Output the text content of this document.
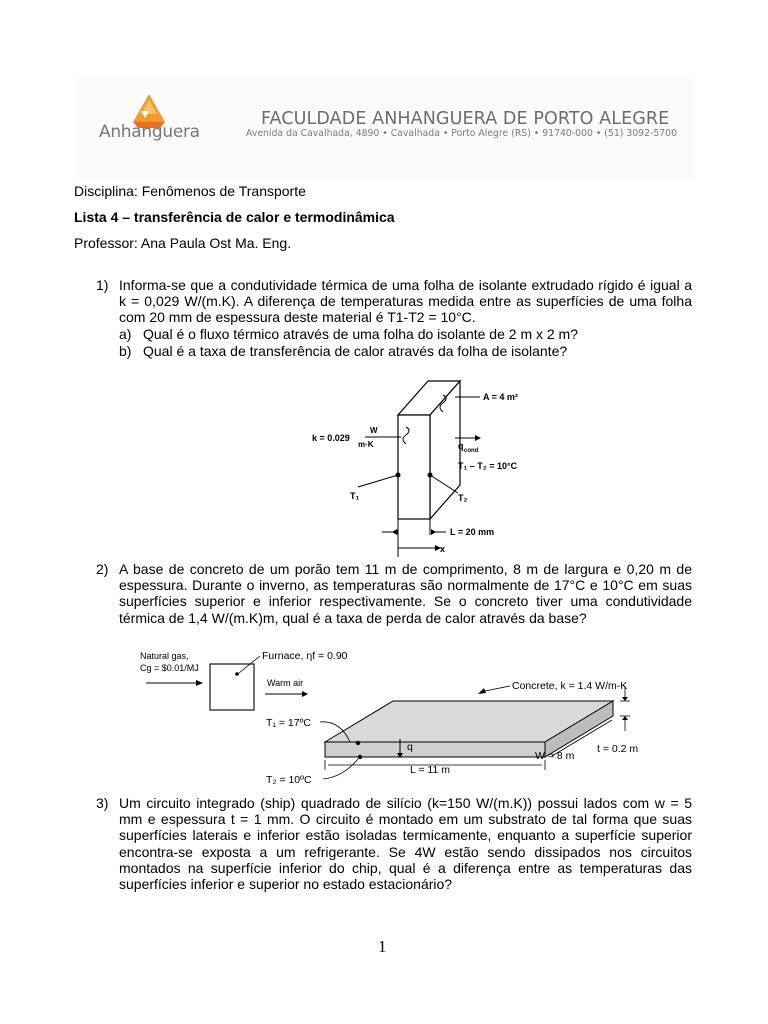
Anhanguera
FACULDADE ANHANGUERA DE PORTO ALEGRE
Avenida da Cavalhada, 4890 • Cavalhada • Porto Alegre (RS) • 91740-000 • (51) 3092-5700
Disciplina: Fenômenos de Transporte
Lista 4 – transferência de calor e termodinâmica
Professor: Ana Paula Ost Ma. Eng.
1) Informa-se que a condutividade térmica de uma folha de isolante extrudado rígido é igual a k = 0,029 W/(m.K). A diferença de temperaturas medida entre as superfícies de uma folha com 20 mm de espessura deste material é T1-T2 = 10°C.
a) Qual é o fluxo térmico através de uma folha do isolante de 2 m x 2 m?
b) Qual é a taxa de transferência de calor através da folha de isolante?
A = 4 m²
k = 0.029
W
m·K	q cond
T₁ – T₂ = 10°C
T₁	T₂
L = 20 mm
x
2) A base de concreto de um porão tem 11 m de comprimento, 8 m de largura e 0,20 m de espessura. Durante o inverno, as temperaturas são normalmente de 17°C e 10°C em suas superfícies superior e inferior respectivamente. Se o concreto tiver uma condutividade térmica de 1,4 W/(m.K)m, qual é a taxa de perda de calor através da base?
Natural gas,
Cg = $0.01/MJ
Furnace, ηf = 0.90
Warm air	Concrete, k = 1.4 W/m-K
T₁ = 17ºC
T₂ = 10ºC
q
L = 11 m
W = 8 m
t = 0.2 m
3) Um circuito integrado (ship) quadrado de silício (k=150 W/(m.K)) possui lados com w = 5 mm e espessura t = 1 mm. O circuito é montado em um substrato de tal forma que suas superfícies laterais e inferior estão isoladas termicamente, enquanto a superfície superior encontra-se exposta a um refrigerante. Se 4W estão sendo dissipados nos circuitos montados na superfície inferior do chip, qual é a diferença entre as temperaturas das superfícies inferior e superior no estado estacionário?
1
